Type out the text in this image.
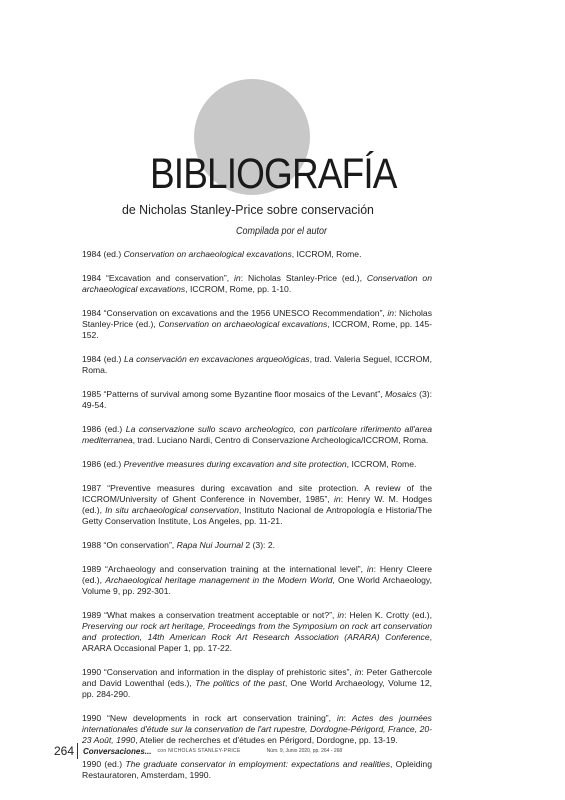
BIBLIOGRAFÍA

de Nicholas Stanley-Price sobre conservación

Compilada por el autor
1984 (ed.) Conservation on archaeological excavations, ICCROM, Rome.
1984 “Excavation and conservation”, in: Nicholas Stanley-Price (ed.), Conservation on archaeological excavations, ICCROM, Rome, pp. 1-10.
1984 “Conservation on excavations and the 1956 UNESCO Recommendation”, in: Nicholas Stanley-Price (ed.), Conservation on archaeological excavations, ICCROM, Rome, pp. 145-152.
1984 (ed.) La conservación en excavaciones arqueológicas, trad. Valeria Seguel, ICCROM, Roma.
1985 “Patterns of survival among some Byzantine floor mosaics of the Levant”, Mosaics (3): 49-54.
1986 (ed.) La conservazione sullo scavo archeologico, con particolare riferimento all'area mediterranea, trad. Luciano Nardi, Centro di Conservazione Archeologica/ICCROM, Roma.
1986 (ed.) Preventive measures during excavation and site protection, ICCROM, Rome.
1987 “Preventive measures during excavation and site protection. A review of the ICCROM/University of Ghent Conference in November, 1985”, in: Henry W. M. Hodges (ed.), In situ archaeological conservation, Instituto Nacional de Antropología e Historia/The Getty Conservation Institute, Los Angeles, pp. 11-21.
1988 “On conservation”, Rapa Nui Journal 2 (3): 2.
1989 “Archaeology and conservation training at the international level”, in: Henry Cleere (ed.), Archaeological heritage management in the Modern World, One World Archaeology, Volume 9, pp. 292-301.
1989 “What makes a conservation treatment acceptable or not?”, in: Helen K. Crotty (ed.), Preserving our rock art heritage, Proceedings from the Symposium on rock art conservation and protection, 14th American Rock Art Research Association (ARARA) Conference, ARARA Occasional Paper 1, pp. 17-22.
1990 “Conservation and information in the display of prehistoric sites”, in: Peter Gathercole and David Lowenthal (eds.), The politics of the past, One World Archaeology, Volume 12, pp. 284-290.
1990 “New developments in rock art conservation training”, in: Actes des journées internationales d'étude sur la conservation de l'art rupestre, Dordogne-Périgord, France, 20-23 Août, 1990, Atelier de recherches et d'études en Périgord, Dordogne, pp. 13-19.
1990 (ed.) The graduate conservator in employment: expectations and realities, Opleiding Restauratoren, Amsterdam, 1990.
264 Conversaciones... con NICHOLAS STANLEY-PRICE	Núm. 9, Junio 2020, pp. 264 - 268
